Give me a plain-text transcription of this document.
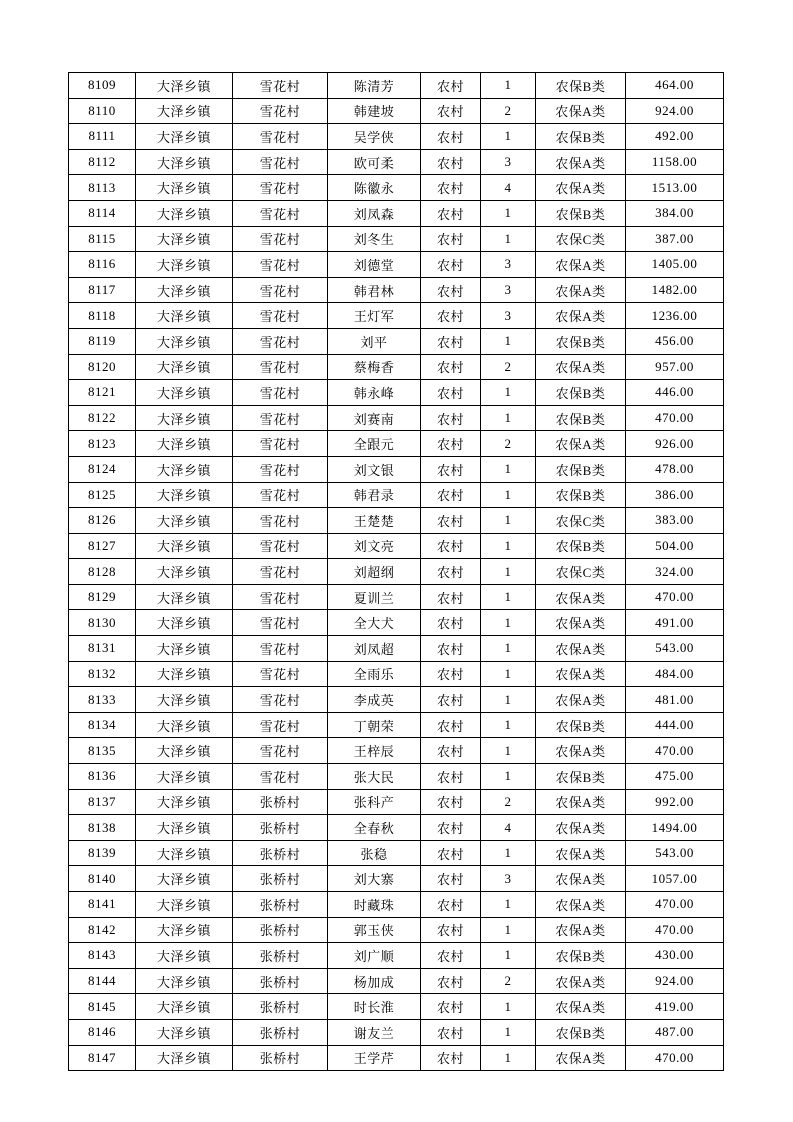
8109	大泽乡镇	雪花村	陈清芳	农村	1	农保B类	464.00
8110	大泽乡镇	雪花村	韩建坡	农村	2	农保A类	924.00
8111	大泽乡镇	雪花村	吴学侠	农村	1	农保B类	492.00
8112	大泽乡镇	雪花村	欧可柔	农村	3	农保A类	1158.00
8113	大泽乡镇	雪花村	陈徽永	农村	4	农保A类	1513.00
8114	大泽乡镇	雪花村	刘凤森	农村	1	农保B类	384.00
8115	大泽乡镇	雪花村	刘冬生	农村	1	农保C类	387.00
8116	大泽乡镇	雪花村	刘德堂	农村	3	农保A类	1405.00
8117	大泽乡镇	雪花村	韩君林	农村	3	农保A类	1482.00
8118	大泽乡镇	雪花村	王灯军	农村	3	农保A类	1236.00
8119	大泽乡镇	雪花村	刘平	农村	1	农保B类	456.00
8120	大泽乡镇	雪花村	蔡梅香	农村	2	农保A类	957.00
8121	大泽乡镇	雪花村	韩永峰	农村	1	农保B类	446.00
8122	大泽乡镇	雪花村	刘赛南	农村	1	农保B类	470.00
8123	大泽乡镇	雪花村	全跟元	农村	2	农保A类	926.00
8124	大泽乡镇	雪花村	刘文银	农村	1	农保B类	478.00
8125	大泽乡镇	雪花村	韩君录	农村	1	农保B类	386.00
8126	大泽乡镇	雪花村	王楚楚	农村	1	农保C类	383.00
8127	大泽乡镇	雪花村	刘文亮	农村	1	农保B类	504.00
8128	大泽乡镇	雪花村	刘超纲	农村	1	农保C类	324.00
8129	大泽乡镇	雪花村	夏训兰	农村	1	农保A类	470.00
8130	大泽乡镇	雪花村	全大犬	农村	1	农保A类	491.00
8131	大泽乡镇	雪花村	刘凤超	农村	1	农保A类	543.00
8132	大泽乡镇	雪花村	全雨乐	农村	1	农保A类	484.00
8133	大泽乡镇	雪花村	李成英	农村	1	农保A类	481.00
8134	大泽乡镇	雪花村	丁朝荣	农村	1	农保B类	444.00
8135	大泽乡镇	雪花村	王梓辰	农村	1	农保A类	470.00
8136	大泽乡镇	雪花村	张大民	农村	1	农保B类	475.00
8137	大泽乡镇	张桥村	张科产	农村	2	农保A类	992.00
8138	大泽乡镇	张桥村	全春秋	农村	4	农保A类	1494.00
8139	大泽乡镇	张桥村	张稳	农村	1	农保A类	543.00
8140	大泽乡镇	张桥村	刘大寨	农村	3	农保A类	1057.00
8141	大泽乡镇	张桥村	时藏珠	农村	1	农保A类	470.00
8142	大泽乡镇	张桥村	郭玉侠	农村	1	农保A类	470.00
8143	大泽乡镇	张桥村	刘广顺	农村	1	农保B类	430.00
8144	大泽乡镇	张桥村	杨加成	农村	2	农保A类	924.00
8145	大泽乡镇	张桥村	时长淮	农村	1	农保A类	419.00
8146	大泽乡镇	张桥村	谢友兰	农村	1	农保B类	487.00
8147	大泽乡镇	张桥村	王学芹	农村	1	农保A类	470.00
